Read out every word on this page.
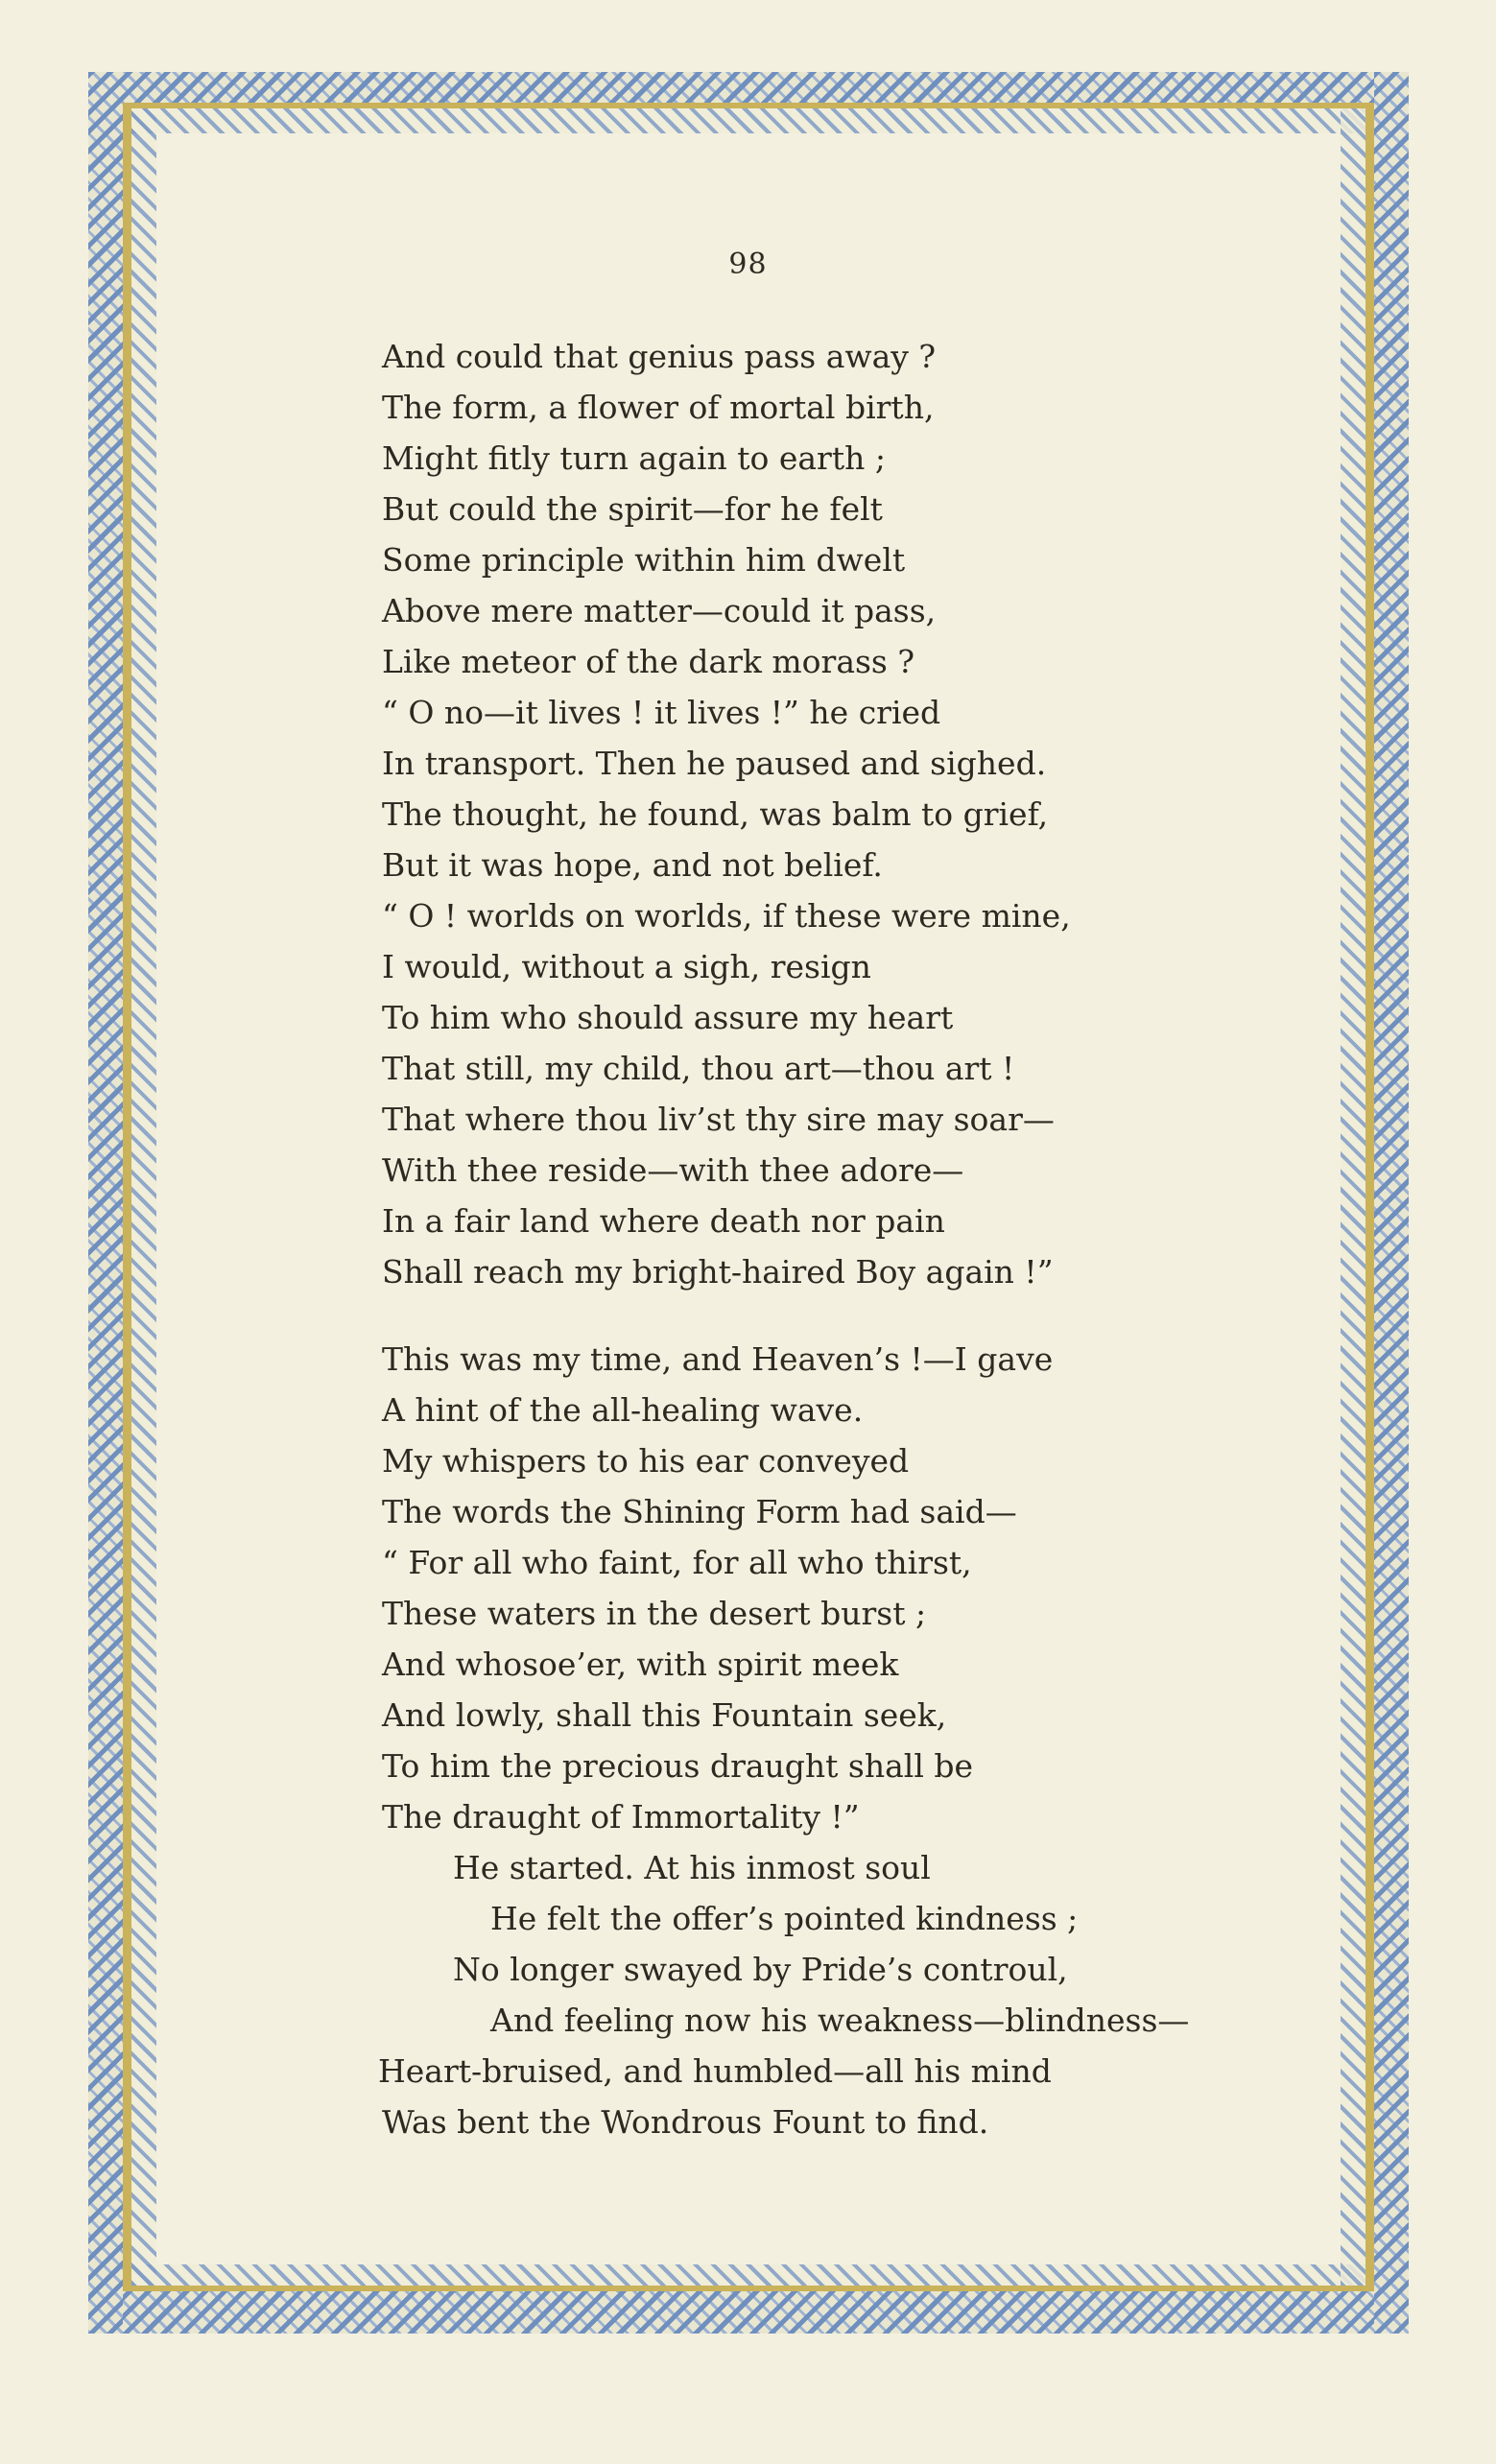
98
And could that genius pass away ?
The form, a flower of mortal birth,
Might fitly turn again to earth ;
But could the spirit—for he felt
Some principle within him dwelt
Above mere matter—could it pass,
Like meteor of the dark morass ?
“ O no—it lives ! it lives !” he cried
In transport. Then he paused and sighed.
The thought, he found, was balm to grief,
But it was hope, and not belief.
“ O ! worlds on worlds, if these were mine,
I would, without a sigh, resign
To him who should assure my heart
That still, my child, thou art—thou art !
That where thou liv’st thy sire may soar—
With thee reside—with thee adore—
In a fair land where death nor pain
Shall reach my bright-haired Boy again !”
This was my time, and Heaven’s !—I gave
A hint of the all-healing wave.
My whispers to his ear conveyed
The words the Shining Form had said—
“ For all who faint, for all who thirst,
These waters in the desert burst ;
And whosoe’er, with spirit meek
And lowly, shall this Fountain seek,
To him the precious draught shall be
The draught of Immortality !”
He started. At his inmost soul
He felt the offer’s pointed kindness ;
No longer swayed by Pride’s controul,
And feeling now his weakness—blindness—
Heart-bruised, and humbled—all his mind
Was bent the Wondrous Fount to find.
